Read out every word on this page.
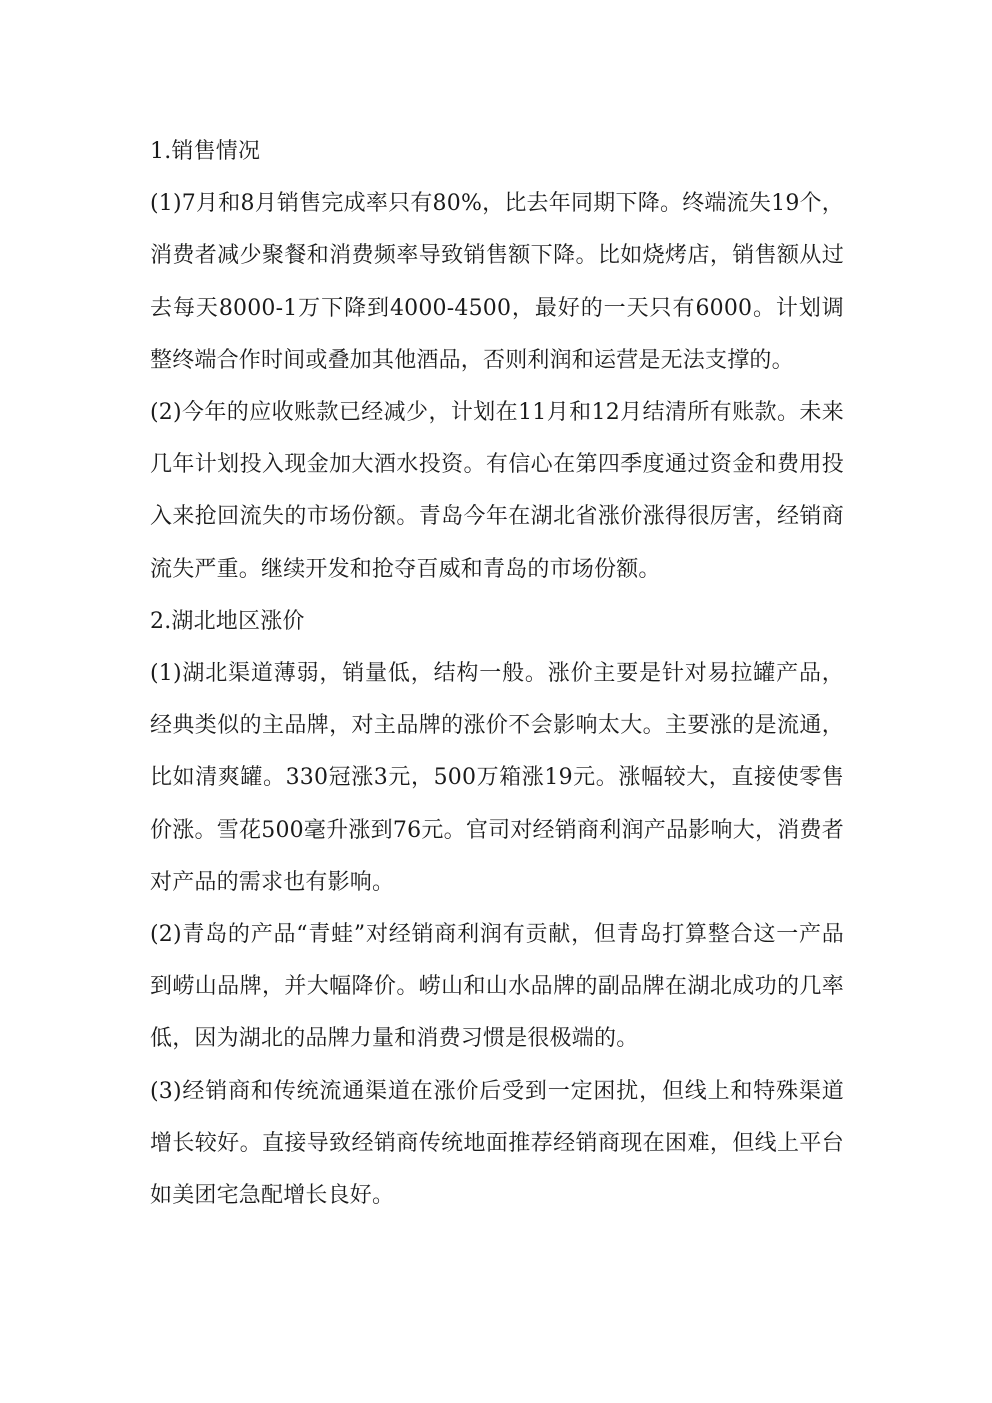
1.销售情况

(1)7月和8月销售完成率只有80%，比去年同期下降。终端流失19个，消费者减少聚餐和消费频率导致销售额下降。比如烧烤店，销售额从过去每天8000-1万下降到4000-4500，最好的一天只有6000。计划调整终端合作时间或叠加其他酒品，否则利润和运营是无法支撑的。

(2)今年的应收账款已经减少，计划在11月和12月结清所有账款。未来几年计划投入现金加大酒水投资。有信心在第四季度通过资金和费用投入来抢回流失的市场份额。青岛今年在湖北省涨价涨得很厉害，经销商流失严重。继续开发和抢夺百威和青岛的市场份额。

2.湖北地区涨价

(1)湖北渠道薄弱，销量低，结构一般。涨价主要是针对易拉罐产品，经典类似的主品牌，对主品牌的涨价不会影响太大。主要涨的是流通，比如清爽罐。330冠涨3元，500万箱涨19元。涨幅较大，直接使零售价涨。雪花500毫升涨到76元。官司对经销商利润产品影响大，消费者对产品的需求也有影响。

(2)青岛的产品“青蛙”对经销商利润有贡献，但青岛打算整合这一产品到崂山品牌，并大幅降价。崂山和山水品牌的副品牌在湖北成功的几率低，因为湖北的品牌力量和消费习惯是很极端的。

(3)经销商和传统流通渠道在涨价后受到一定困扰，但线上和特殊渠道增长较好。直接导致经销商传统地面推荐经销商现在困难，但线上平台如美团宅急配增长良好。
